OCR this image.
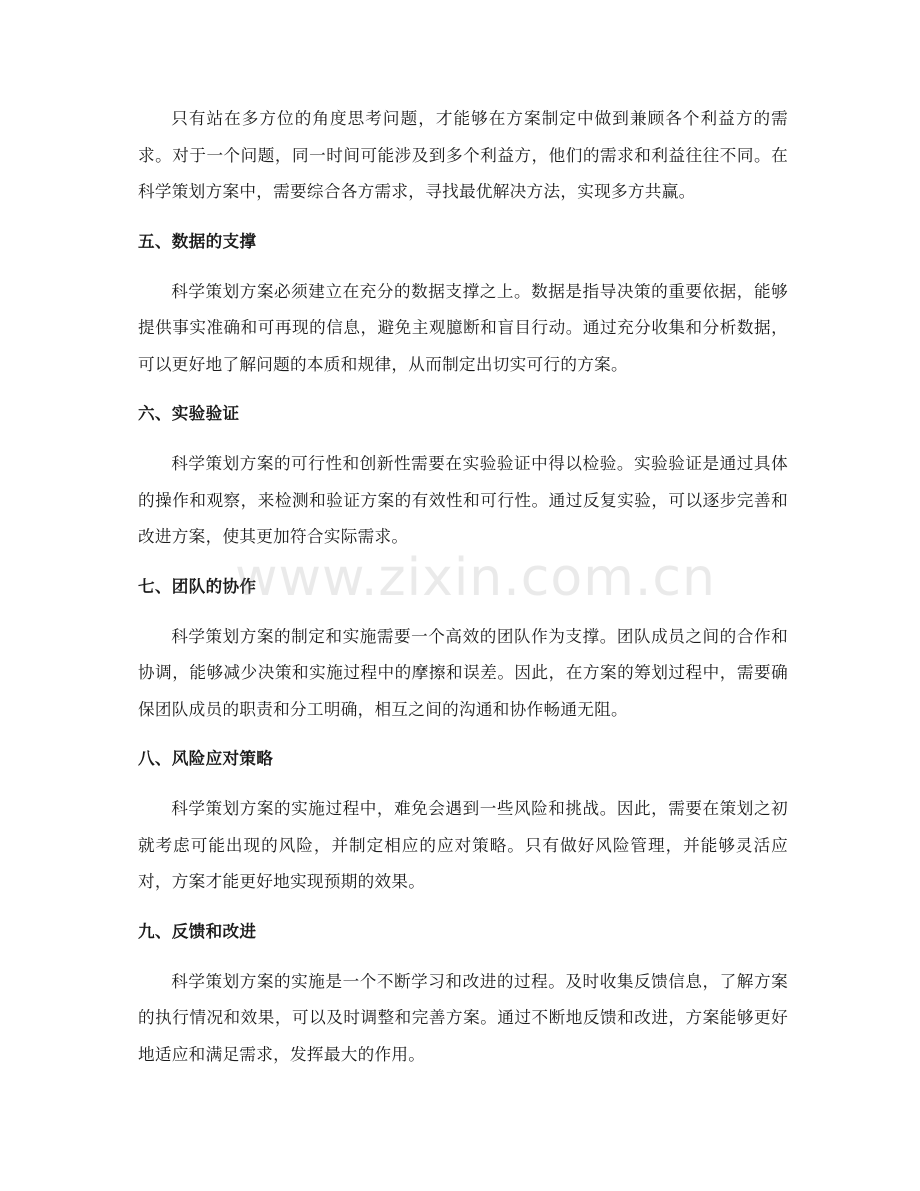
只有站在多方位的角度思考问题，才能够在方案制定中做到兼顾各个利益方的需求。对于一个问题，同一时间可能涉及到多个利益方，他们的需求和利益往往不同。在科学策划方案中，需要综合各方需求，寻找最优解决方法，实现多方共赢。

五、数据的支撑

科学策划方案必须建立在充分的数据支撑之上。数据是指导决策的重要依据，能够提供事实准确和可再现的信息，避免主观臆断和盲目行动。通过充分收集和分析数据，可以更好地了解问题的本质和规律，从而制定出切实可行的方案。

六、实验验证

科学策划方案的可行性和创新性需要在实验验证中得以检验。实验验证是通过具体的操作和观察，来检测和验证方案的有效性和可行性。通过反复实验，可以逐步完善和改进方案，使其更加符合实际需求。

七、团队的协作

科学策划方案的制定和实施需要一个高效的团队作为支撑。团队成员之间的合作和协调，能够减少决策和实施过程中的摩擦和误差。因此，在方案的筹划过程中，需要确保团队成员的职责和分工明确，相互之间的沟通和协作畅通无阻。

八、风险应对策略

科学策划方案的实施过程中，难免会遇到一些风险和挑战。因此，需要在策划之初就考虑可能出现的风险，并制定相应的应对策略。只有做好风险管理，并能够灵活应对，方案才能更好地实现预期的效果。

九、反馈和改进

科学策划方案的实施是一个不断学习和改进的过程。及时收集反馈信息，了解方案的执行情况和效果，可以及时调整和完善方案。通过不断地反馈和改进，方案能够更好地适应和满足需求，发挥最大的作用。

www.zixin.com.cn
